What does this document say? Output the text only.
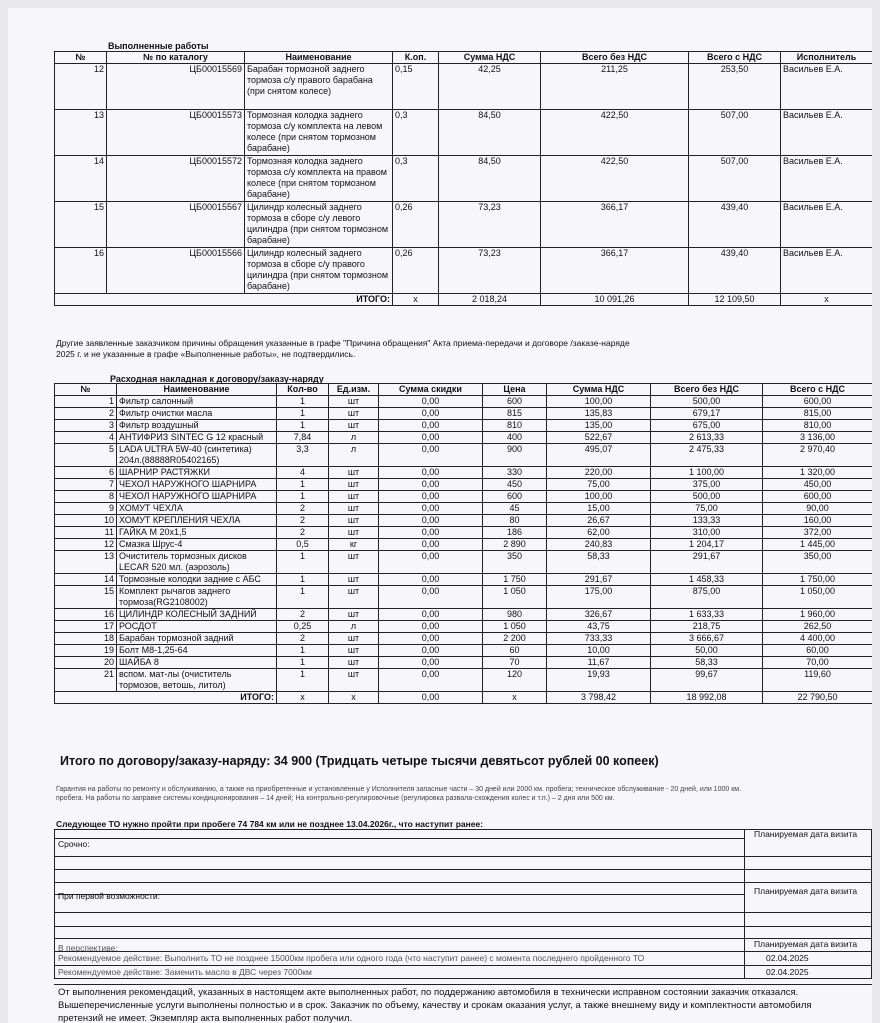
Выполненные работы
№	№ по каталогу	Наименование	К.оп.	Сумма НДС	Всего без НДС	Всего с НДС	Исполнитель
12	ЦБ00015569	Барабан тормозной заднего тормоза с/у правого барабана (при снятом колесе)	0,15	42,25	211,25	253,50	Васильев Е.А.
13	ЦБ00015573	Тормозная колодка заднего тормоза с/у комплекта на левом колесе (при снятом тормозном барабане)	0,3	84,50	422,50	507,00	Васильев Е.А.
14	ЦБ00015572	Тормозная колодка заднего тормоза с/у комплекта на правом колесе (при снятом тормозном барабане)	0,3	84,50	422,50	507,00	Васильев Е.А.
15	ЦБ00015567	Цилиндр колесный заднего тормоза в сборе с/у левого цилиндра (при снятом тормозном барабане)	0,26	73,23	366,17	439,40	Васильев Е.А.
16	ЦБ00015566	Цилиндр колесный заднего тормоза в сборе с/у правого цилиндра (при снятом тормозном барабане)	0,26	73,23	366,17	439,40	Васильев Е.А.
ИТОГО:			x	2 018,24	10 091,26	12 109,50	x
Другие заявленные заказчиком причины обращения указанные в графе "Причина обращения" Акта приема-передачи и договоре /заказе-наряде
2025 г. и не указанные в графе «Выполненные работы», не подтвердились.
Расходная накладная к договору/заказу-наряду
№	Наименование	Кол-во	Ед.изм.	Сумма скидки	Цена	Сумма НДС	Всего без НДС	Всего с НДС
1	Фильтр салонный	1	шт	0,00	600	100,00	500,00	600,00
2	Фильтр очистки масла	1	шт	0,00	815	135,83	679,17	815,00
3	Фильтр воздушный	1	шт	0,00	810	135,00	675,00	810,00
4	АНТИФРИЗ SINTEC G 12 красный	7,84	л	0,00	400	522,67	2 613,33	3 136,00
5	LADA ULTRA 5W-40 (синтетика) 204л.(88888R05402165)	3,3	л	0,00	900	495,07	2 475,33	2 970,40
6	ШАРНИР РАСТЯЖКИ	4	шт	0,00	330	220,00	1 100,00	1 320,00
7	ЧЕХОЛ НАРУЖНОГО ШАРНИРА	1	шт	0,00	450	75,00	375,00	450,00
8	ЧЕХОЛ НАРУЖНОГО ШАРНИРА	1	шт	0,00	600	100,00	500,00	600,00
9	ХОМУТ ЧЕХЛА	2	шт	0,00	45	15,00	75,00	90,00
10	ХОМУТ КРЕПЛЕНИЯ ЧЕХЛА	2	шт	0,00	80	26,67	133,33	160,00
11	ГАЙКА М 20х1,5	2	шт	0,00	186	62,00	310,00	372,00
12	Смазка Шрус-4	0,5	кг	0,00	2 890	240,83	1 204,17	1 445,00
13	Очиститель тормозных дисков LECAR 520 мл. (аэрозоль)	1	шт	0,00	350	58,33	291,67	350,00
14	Тормозные колодки задние с АБС	1	шт	0,00	1 750	291,67	1 458,33	1 750,00
15	Комплект рычагов заднего тормоза(RG2108002)	1	шт	0,00	1 050	175,00	875,00	1 050,00
16	ЦИЛИНДР КОЛЕСНЫЙ ЗАДНИЙ	2	шт	0,00	980	326,67	1 633,33	1 960,00
17	РОСДОТ	0,25	л	0,00	1 050	43,75	218,75	262,50
18	Барабан тормозной задний	2	шт	0,00	2 200	733,33	3 666,67	4 400,00
19	Болт М8-1,25-64	1	шт	0,00	60	10,00	50,00	60,00
20	ШАЙБА 8	1	шт	0,00	70	11,67	58,33	70,00
21	вспом. мат-лы (очиститель тормозов, ветошь, литол)	1	шт	0,00	120	19,93	99,67	119,60
ИТОГО:		x	x	0,00	x	3 798,42	18 992,08	22 790,50
Итого по договору/заказу-наряду: 34 900 (Тридцать четыре тысячи девятьсот рублей 00 копеек)
Гарантия на работы по ремонту и обслуживанию, а также на приобретенные и установленные у Исполнителя запасные части – 30 дней или 2000 км. пробега; техническое обслуживание - 20 дней, или 1000 км.
пробега. На работы по заправке системы кондиционирования – 14 дней; На контрольно-регулировочные (регулировка развала-схождения колес и т.п.) – 2 дня или 500 км.
Следующее ТО нужно пройти при пробеге 74 784 км или не позднее 13.04.2026г., что наступит ранее:
Срочно:
Планируемая дата визита
При первой возможности:	Планируемая дата визита
Планируемая дата визита
В перспективе:
Рекомендуемое действие: Выполнить ТО не позднее 15000км пробега или одного года (что наступит ранее) с момента последнего пройденного ТО	02.04.2025
Рекомендуемое действие: Заменить масло в ДВС через 7000км	02.04.2025
От выполнения рекомендаций, указанных в настоящем акте выполненных работ, по поддержанию автомобиля в технически исправном состоянии заказчик отказался.
Вышеперечисленные услуги выполнены полностью и в срок. Заказчик по объему, качеству и срокам оказания услуг, а также внешнему виду и комплектности автомобиля
претензий не имеет. Экземпляр акта выполненных работ получил.
